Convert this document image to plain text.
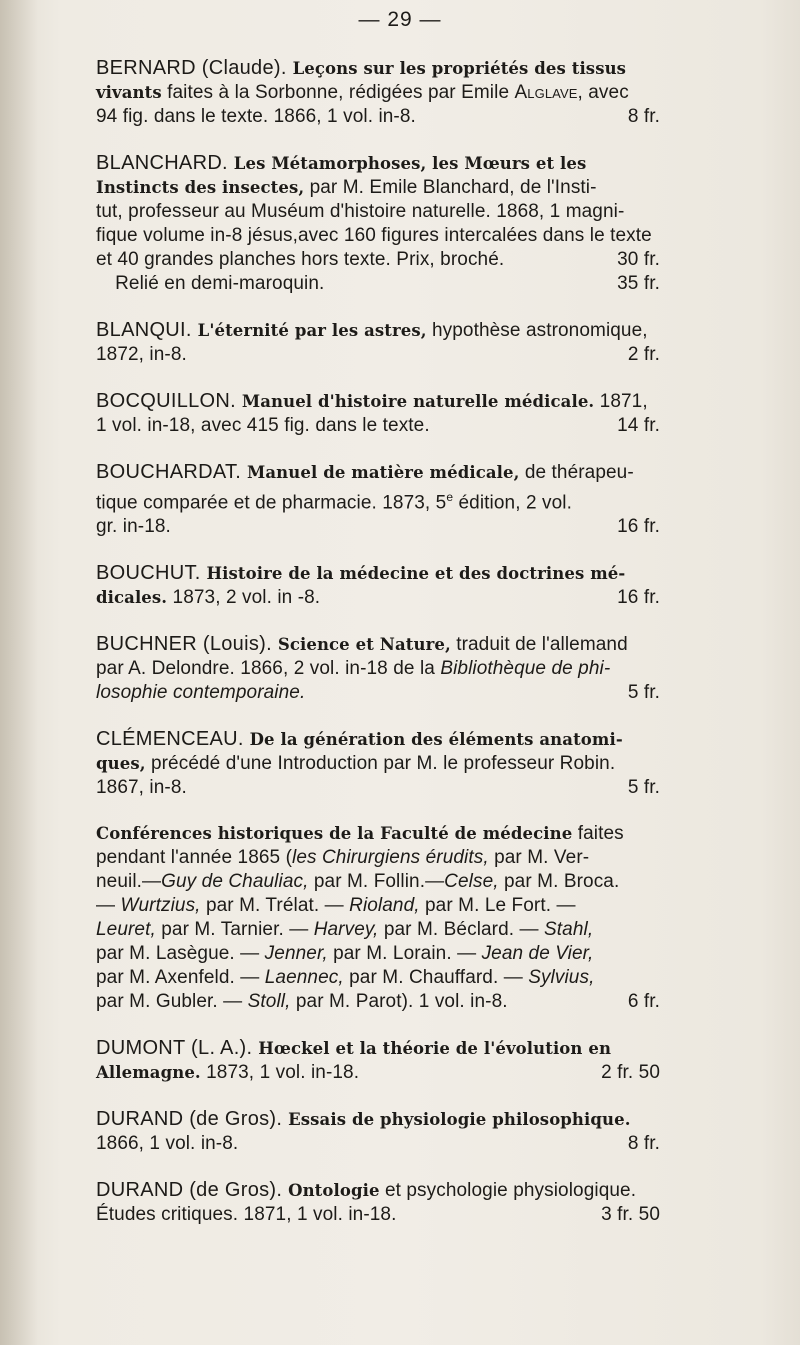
— 29 —
BERNARD (Claude). Leçons sur les propriétés des tissus
vivants faites à la Sorbonne, rédigées par Emile Alglave, avec
94 fig. dans le texte. 1866, 1 vol. in-8.	8 fr.
BLANCHARD. Les Métamorphoses, les Mœurs et les
Instincts des insectes, par M. Emile Blanchard, de l'Insti-
tut, professeur au Muséum d'histoire naturelle. 1868, 1 magni-
fique volume in-8 jésus,avec 160 figures intercalées dans le texte
et 40 grandes planches hors texte. Prix, broché.	30 fr.
 Relié en demi-maroquin.	35 fr.
BLANQUI. L'éternité par les astres, hypothèse astronomique,
1872, in-8.	2 fr.
BOCQUILLON. Manuel d'histoire naturelle médicale. 1871,
1 vol. in-18, avec 415 fig. dans le texte.	14 fr.
BOUCHARDAT. Manuel de matière médicale, de thérapeu-
tique comparée et de pharmacie. 1873, 5e édition, 2 vol.
gr. in-18.	16 fr.
BOUCHUT. Histoire de la médecine et des doctrines mé-
dicales. 1873, 2 vol. in -8.	16 fr.
BUCHNER (Louis). Science et Nature, traduit de l'allemand
par A. Delondre. 1866, 2 vol. in-18 de la Bibliothèque de phi-
losophie contemporaine.	5 fr.
CLÉMENCEAU. De la génération des éléments anatomi-
ques, précédé d'une Introduction par M. le professeur Robin.
1867, in-8.	5 fr.
Conférences historiques de la Faculté de médecine faites
pendant l'année 1865 (les Chirurgiens érudits, par M. Ver-
neuil.—Guy de Chauliac, par M. Follin.—Celse, par M. Broca.
— Wurtzius, par M. Trélat. — Rioland, par M. Le Fort. —
Leuret, par M. Tarnier. — Harvey, par M. Béclard. — Stahl,
par M. Lasègue. — Jenner, par M. Lorain. — Jean de Vier,
par M. Axenfeld. — Laennec, par M. Chauffard. — Sylvius,
par M. Gubler. — Stoll, par M. Parot). 1 vol. in-8.	6 fr.
DUMONT (L. A.). Hœckel et la théorie de l'évolution en
Allemagne. 1873, 1 vol. in-18.	2 fr. 50
DURAND (de Gros). Essais de physiologie philosophique.
1866, 1 vol. in-8.	8 fr.
DURAND (de Gros). Ontologie et psychologie physiologique.
Études critiques. 1871, 1 vol. in-18.	3 fr. 50
